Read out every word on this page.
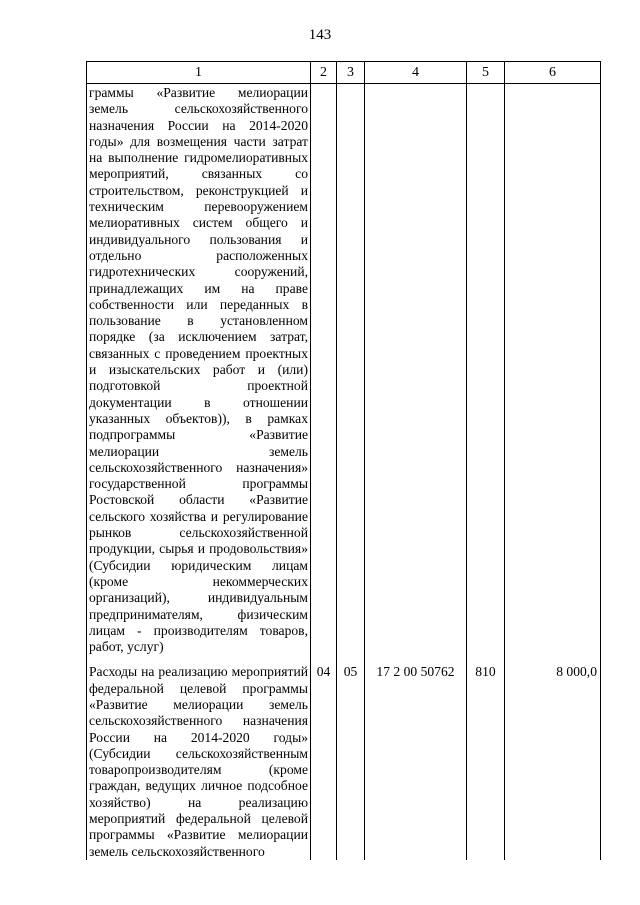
143
1	2	3	4	5	6
граммы «Развитие мелиорации земель сельскохозяйственного назначения России на 2014-2020 годы» для возмещения части затрат на выполнение гидромелиоративных мероприятий, связанных со строительством, реконструкцией и техническим перевооружением мелиоративных систем общего и индивидуального пользования и отдельно расположенных гидротехнических сооружений, принадлежащих им на праве собственности или переданных в пользование в установленном порядке (за исключением затрат, связанных с проведением проектных и изыскательских работ и (или) подготовкой проектной документации в отношении указанных объектов)), в рамках подпрограммы «Развитие мелиорации земель сельскохозяйственного назначения» государственной программы Ростовской области «Развитие сельского хозяйства и регулирование рынков сельскохозяйственной продукции, сырья и продовольствия» (Субсидии юридическим лицам (кроме некоммерческих организаций), индивидуальным предпринимателям, физическим лицам - производителям товаров, работ, услуг)					

Расходы на реализацию мероприятий федеральной целевой программы «Развитие мелиорации земель сельскохозяйственного назначения России на 2014-2020 годы» (Субсидии сельскохозяйственным товаропроизводителям (кроме граждан, ведущих личное подсобное хозяйство) на реализацию мероприятий федеральной целевой программы «Развитие мелиорации земель сельскохозяйственного	04	05	17 2 00 50762	810	8 000,0
